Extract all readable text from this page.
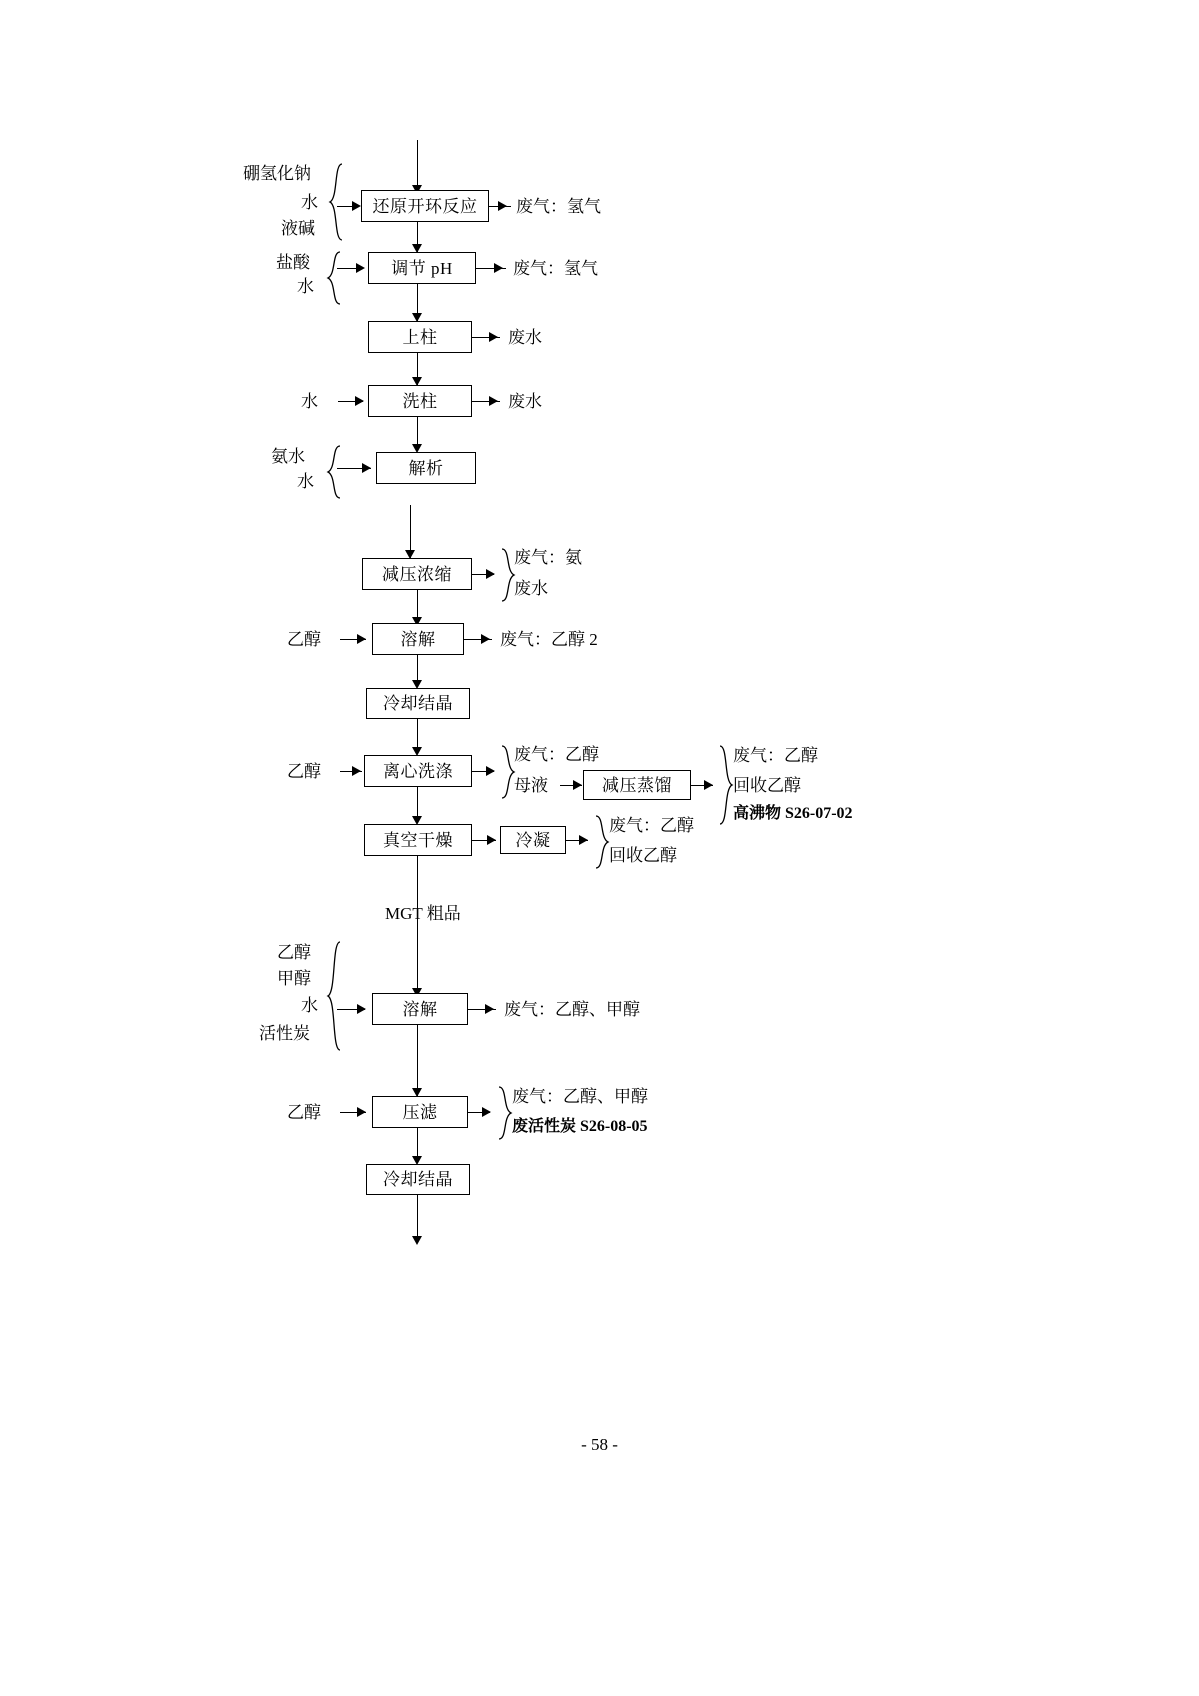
还原开环反应
硼氢化钠
水
液碱
废气：氢气
调节 pH
盐酸
水
废气：氢气
上柱	废水
洗柱
水	废水
解析
氨水
水
减压浓缩
废气：氨
废水
溶解
乙醇	废气：乙醇 2
冷却结晶
离心洗涤
乙醇
废气：乙醇
母液	减压蒸馏
废气：乙醇
回收乙醇
高沸物 S26-07-02
真空干燥	冷凝
废气：乙醇
回收乙醇
MGT 粗品
溶解
乙醇
甲醇
水
活性炭
废气：乙醇、甲醇
压滤
乙醇
废气：乙醇、甲醇
废活性炭 S26-08-05
冷却结晶
- 58 -
